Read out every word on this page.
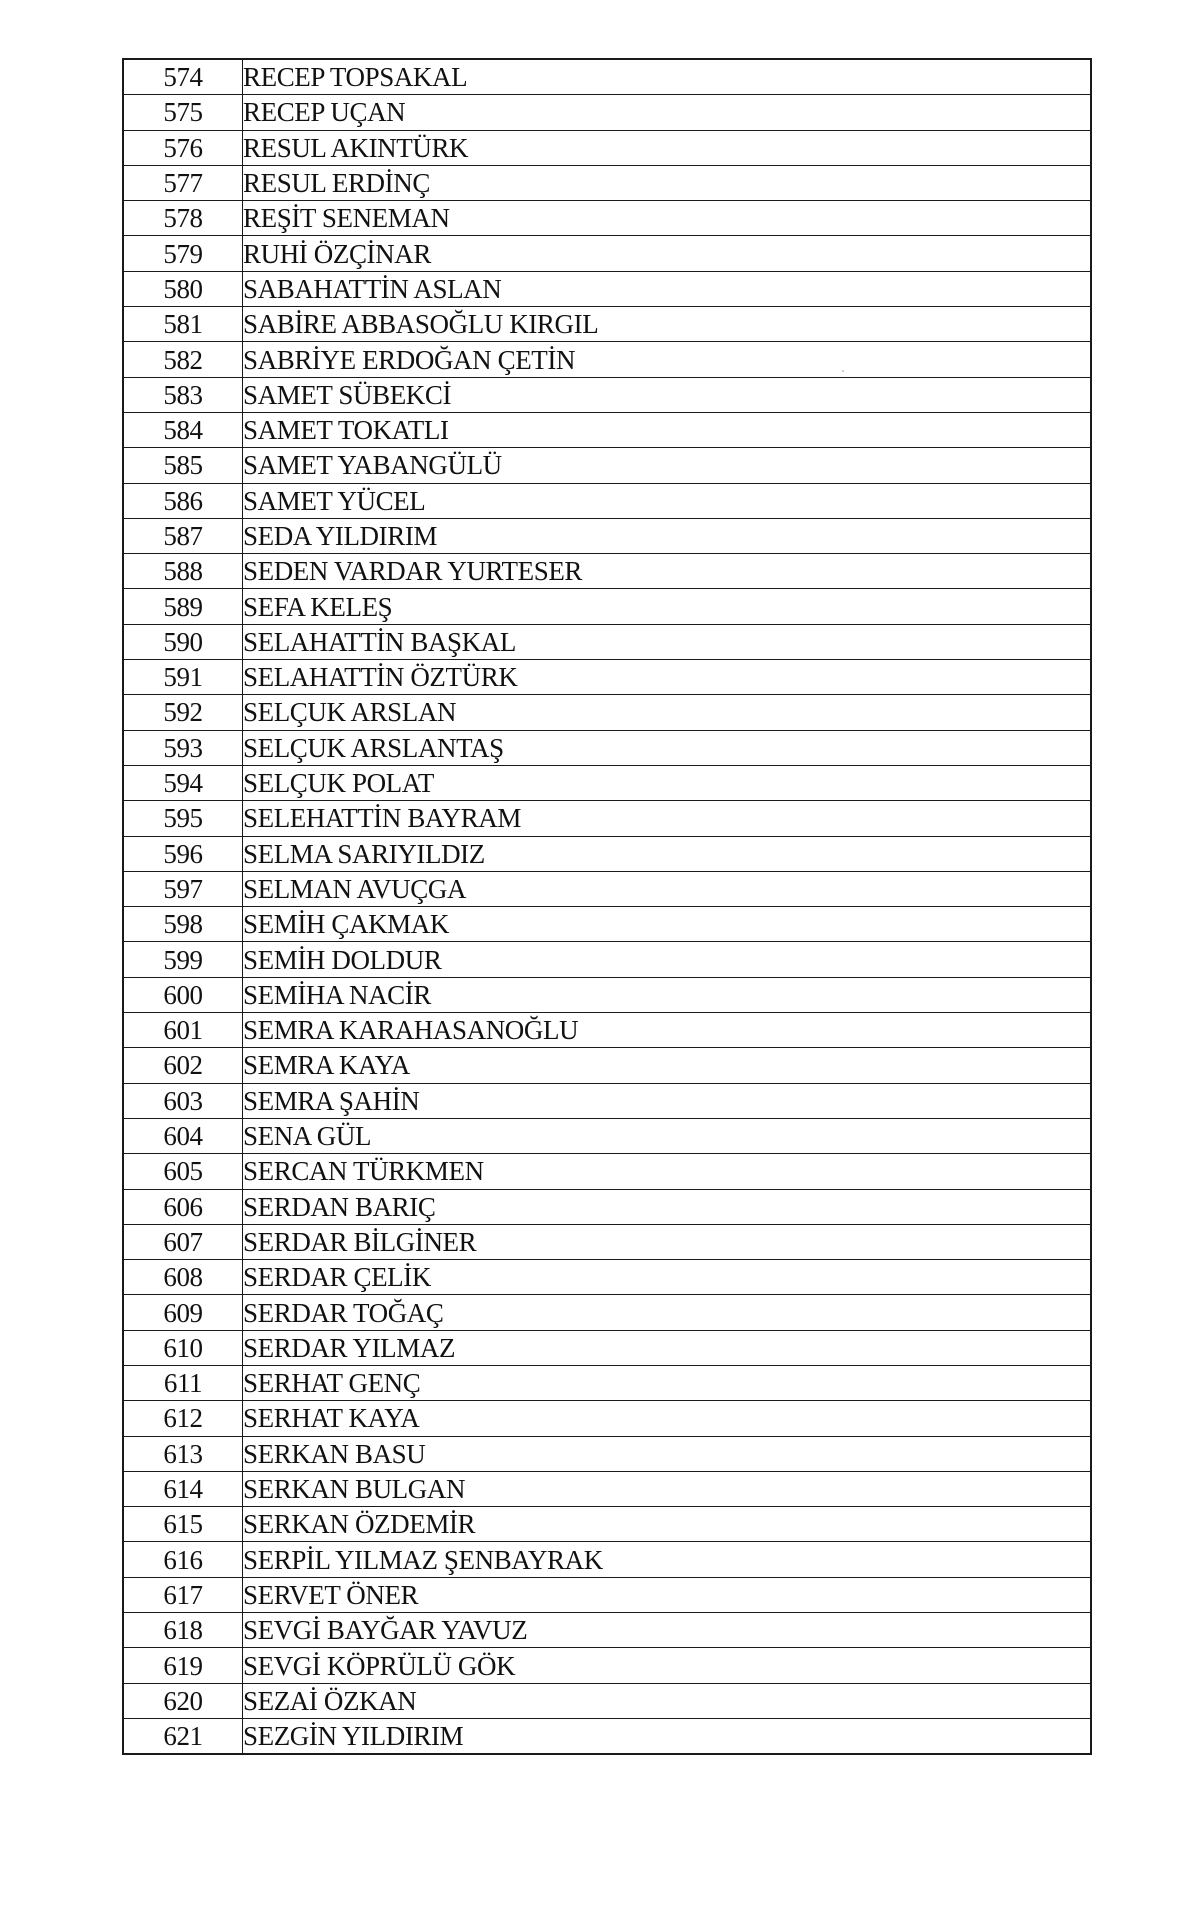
574	RECEP TOPSAKAL
575	RECEP UÇAN
576	RESUL AKINTÜRK
577	RESUL ERDİNÇ
578	REŞİT SENEMAN
579	RUHİ ÖZÇİNAR
580	SABAHATTİN ASLAN
581	SABİRE ABBASOĞLU KIRGIL
582	SABRİYE ERDOĞAN ÇETİN
583	SAMET SÜBEKCİ
584	SAMET TOKATLI
585	SAMET YABANGÜLÜ
586	SAMET YÜCEL
587	SEDA YILDIRIM
588	SEDEN VARDAR YURTESER
589	SEFA KELEŞ
590	SELAHATTİN BAŞKAL
591	SELAHATTİN ÖZTÜRK
592	SELÇUK ARSLAN
593	SELÇUK ARSLANTAŞ
594	SELÇUK POLAT
595	SELEHATTİN BAYRAM
596	SELMA SARIYILDIZ
597	SELMAN AVUÇGA
598	SEMİH ÇAKMAK
599	SEMİH DOLDUR
600	SEMİHA NACİR
601	SEMRA KARAHASANOĞLU
602	SEMRA KAYA
603	SEMRA ŞAHİN
604	SENA GÜL
605	SERCAN TÜRKMEN
606	SERDAN BARIÇ
607	SERDAR BİLGİNER
608	SERDAR ÇELİK
609	SERDAR TOĞAÇ
610	SERDAR YILMAZ
611	SERHAT GENÇ
612	SERHAT KAYA
613	SERKAN BASU
614	SERKAN BULGAN
615	SERKAN ÖZDEMİR
616	SERPİL YILMAZ ŞENBAYRAK
617	SERVET ÖNER
618	SEVGİ BAYĞAR YAVUZ
619	SEVGİ KÖPRÜLÜ GÖK
620	SEZAİ ÖZKAN
621	SEZGİN YILDIRIM
